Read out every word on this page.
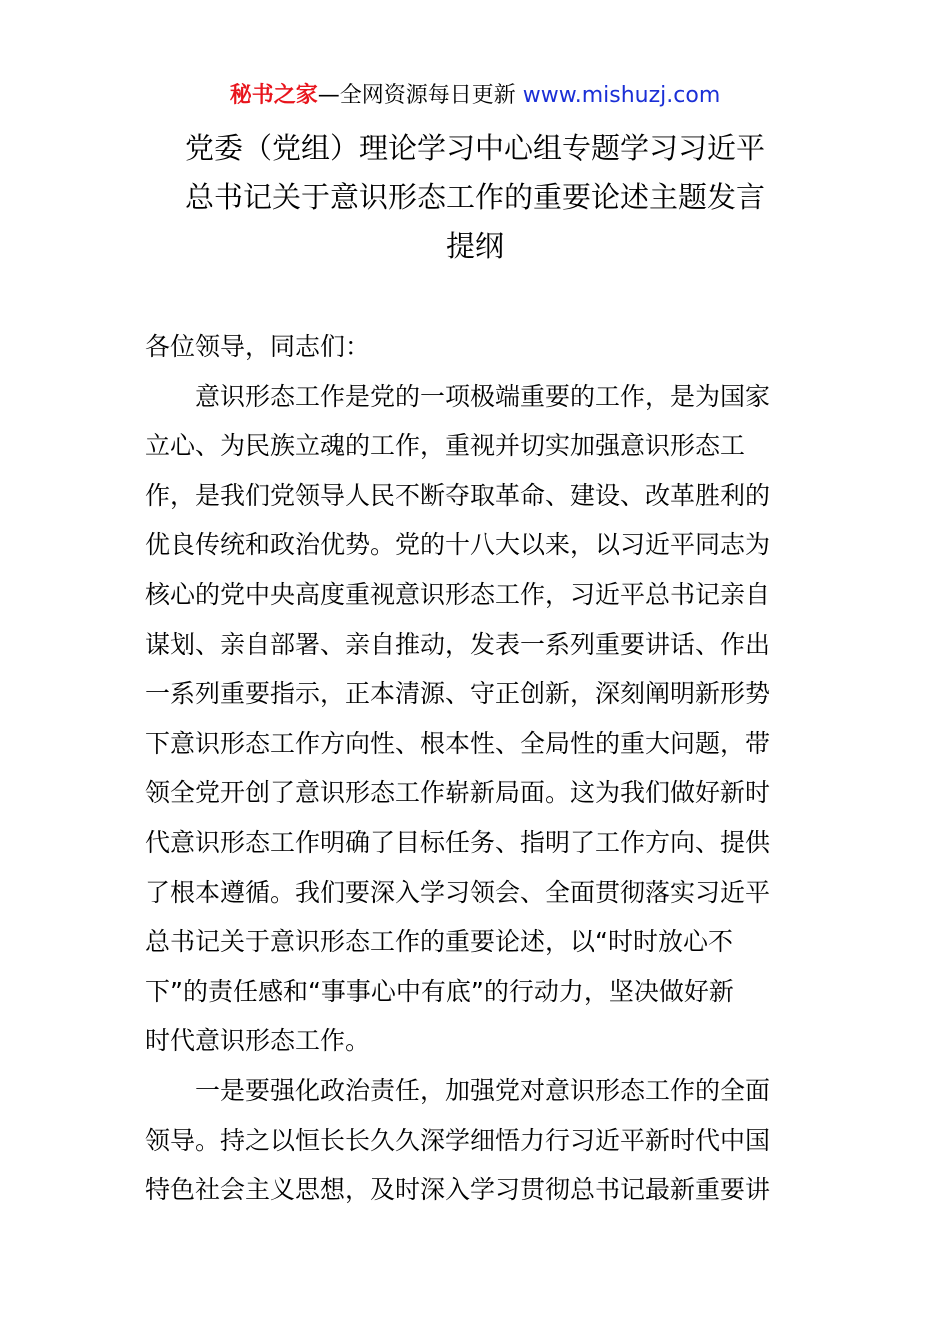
秘书之家—全网资源每日更新 www.mishuzj.com
党委（党组）理论学习中心组专题学习习近平
总书记关于意识形态工作的重要论述主题发言
提纲
各位领导，同志们：
　　意识形态工作是党的一项极端重要的工作，是为国家
立心、为民族立魂的工作，重视并切实加强意识形态工
作，是我们党领导人民不断夺取革命、建设、改革胜利的
优良传统和政治优势。党的十八大以来，以习近平同志为
核心的党中央高度重视意识形态工作，习近平总书记亲自
谋划、亲自部署、亲自推动，发表一系列重要讲话、作出
一系列重要指示，正本清源、守正创新，深刻阐明新形势
下意识形态工作方向性、根本性、全局性的重大问题，带
领全党开创了意识形态工作崭新局面。这为我们做好新时
代意识形态工作明确了目标任务、指明了工作方向、提供
了根本遵循。我们要深入学习领会、全面贯彻落实习近平
总书记关于意识形态工作的重要论述，以“时时放心不
下”的责任感和“事事心中有底”的行动力，坚决做好新
时代意识形态工作。
　　一是要强化政治责任，加强党对意识形态工作的全面
领导。持之以恒长长久久深学细悟力行习近平新时代中国
特色社会主义思想，及时深入学习贯彻总书记最新重要讲
